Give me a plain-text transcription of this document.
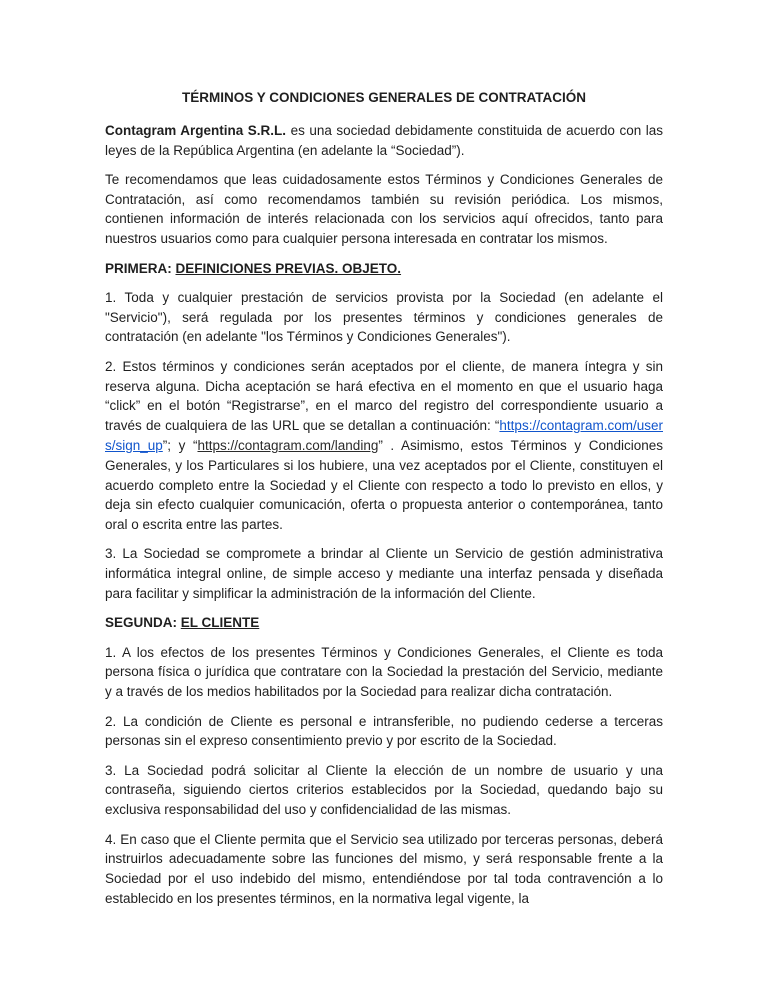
TÉRMINOS Y CONDICIONES GENERALES DE CONTRATACIÓN

Contagram Argentina S.R.L. es una sociedad debidamente constituida de acuerdo con las leyes de la República Argentina (en adelante la “Sociedad”).

Te recomendamos que leas cuidadosamente estos Términos y Condiciones Generales de Contratación, así como recomendamos también su revisión periódica. Los mismos, contienen información de interés relacionada con los servicios aquí ofrecidos, tanto para nuestros usuarios como para cualquier persona interesada en contratar los mismos.

PRIMERA: DEFINICIONES PREVIAS. OBJETO.

1. Toda y cualquier prestación de servicios provista por la Sociedad (en adelante el "Servicio"), será regulada por los presentes términos y condiciones generales de contratación (en adelante "los Términos y Condiciones Generales").

2. Estos términos y condiciones serán aceptados por el cliente, de manera íntegra y sin reserva alguna. Dicha aceptación se hará efectiva en el momento en que el usuario haga “click” en el botón “Registrarse”, en el marco del registro del correspondiente usuario a través de cualquiera de las URL que se detallan a continuación: “https://contagram.com/users/sign_up”; y “https://contagram.com/landing” . Asimismo, estos Términos y Condiciones Generales, y los Particulares si los hubiere, una vez aceptados por el Cliente, constituyen el acuerdo completo entre la Sociedad y el Cliente con respecto a todo lo previsto en ellos, y deja sin efecto cualquier comunicación, oferta o propuesta anterior o contemporánea, tanto oral o escrita entre las partes.

3. La Sociedad se compromete a brindar al Cliente un Servicio de gestión administrativa informática integral online, de simple acceso y mediante una interfaz pensada y diseñada para facilitar y simplificar la administración de la información del Cliente.

SEGUNDA: EL CLIENTE

1. A los efectos de los presentes Términos y Condiciones Generales, el Cliente es toda persona física o jurídica que contratare con la Sociedad la prestación del Servicio, mediante y a través de los medios habilitados por la Sociedad para realizar dicha contratación.

2. La condición de Cliente es personal e intransferible, no pudiendo cederse a terceras personas sin el expreso consentimiento previo y por escrito de la Sociedad.

3. La Sociedad podrá solicitar al Cliente la elección de un nombre de usuario y una contraseña, siguiendo ciertos criterios establecidos por la Sociedad, quedando bajo su exclusiva responsabilidad del uso y confidencialidad de las mismas.

4. En caso que el Cliente permita que el Servicio sea utilizado por terceras personas, deberá instruirlos adecuadamente sobre las funciones del mismo, y será responsable frente a la Sociedad por el uso indebido del mismo, entendiéndose por tal toda contravención a lo establecido en los presentes términos, en la normativa legal vigente, la
